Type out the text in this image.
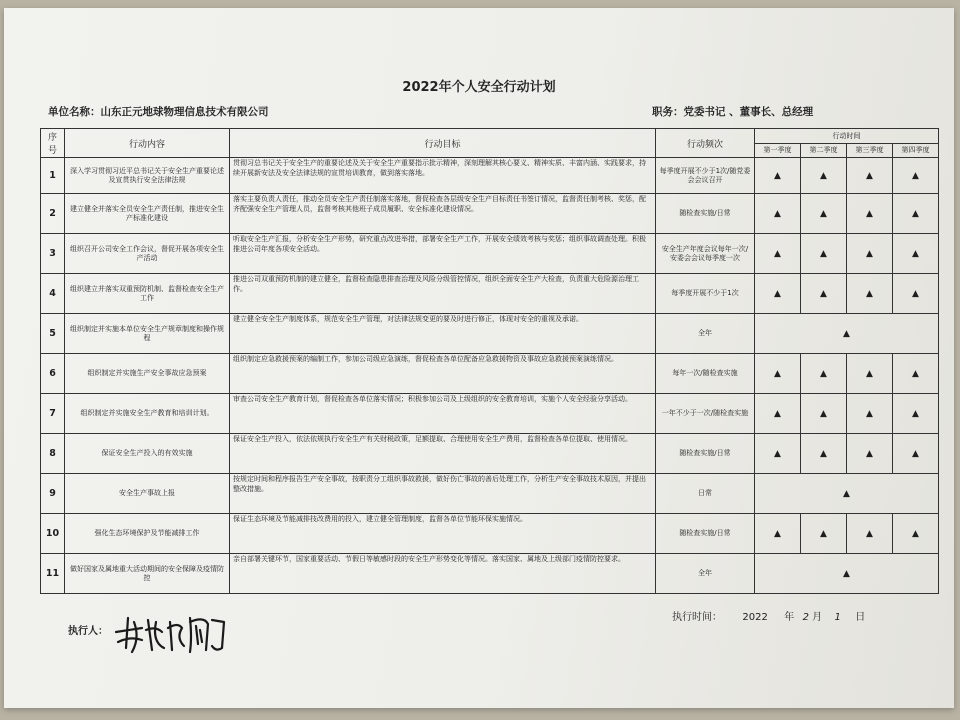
2022年个人安全行动计划
单位名称：山东正元地球物理信息技术有限公司	职务：党委书记 、董事长、总经理
序号	行动内容	行动目标	行动频次	行动时间			
				第一季度	第二季度	第三季度	第四季度
1	深入学习贯彻习近平总书记关于安全生产重要论述及宣贯执行安全法律法规	贯彻习总书记关于安全生产的重要论述及关于安全生产重要指示批示精神，深刻理解其核心要义、精神实质、丰富内涵、实践要求，持续开展新安法及安全法律法规的宣贯培训教育，做到落实落地。	每季度开展不少于1次/随党委会会议召开	▲	▲	▲	▲
2	建立健全并落实全员安全生产责任制，推进安全生产标准化建设	落实主要负责人责任，推动全员安全生产责任制落实落地，督促检查各层级安全生产目标责任书签订情况，监督责任制考核、奖惩，配齐配强安全生产管理人员，监督考核其他班子成员履职、安全标准化建设情况。	随检查实施/日常	▲	▲	▲	▲
3	组织召开公司安全工作会议，督促开展各项安全生产活动	听取安全生产汇报，分析安全生产形势，研究重点改进举措，部署安全生产工作，开展安全绩效考核与奖惩；组织事故调查处理。积极推进公司年度各项安全活动。	安全生产年度会议每年一次/安委会会议每季度一次	▲	▲	▲	▲
4	组织建立并落实双重预防机制、监督检查安全生产工作	推进公司双重预防机制的建立健全，监督检查隐患排查治理及风险分级管控情况，组织全面安全生产大检查，负责重大危险源治理工作。	每季度开展不少于1次	▲	▲	▲	▲
5	组织制定并实施本单位安全生产规章制度和操作规程	建立健全安全生产制度体系，规范安全生产管理，对法律法规变更的要及时进行修正，体现对安全的重视及承诺。	全年	▲			
6	组织制定并实施生产安全事故应急预案	组织制定应急救援预案的编制工作，参加公司级应急演练，督促检查各单位配备应急救援物资及事故应急救援预案演练情况。	每年一次/随检查实施	▲	▲	▲	▲
7	组织制定并实施安全生产教育和培训计划。	审查公司安全生产教育计划，督促检查各单位落实情况；积极参加公司及上级组织的安全教育培训，实施个人安全经验分享活动。	一年不少于一次/随检查实施	▲	▲	▲	▲
8	保证安全生产投入的有效实施	保证安全生产投入，依法依规执行安全生产有关财税政策，足额提取、合理使用安全生产费用，监督检查各单位提取、使用情况。	随检查实施/日常	▲	▲	▲	▲
9	安全生产事故上报	按规定时间和程序报告生产安全事故，按职责分工组织事故救援，做好伤亡事故的善后处理工作，分析生产安全事故技术原因，并提出整改措施。	日常	▲			
10	强化生态环境保护及节能减排工作	保证生态环境及节能减排技改费用的投入，建立健全管理制度，监督各单位节能环保实施情况。	随检查实施/日常	▲	▲	▲	▲
11	做好国家及属地重大活动期间的安全保障及疫情防控	亲自部署关键环节，国家重要活动、节假日等敏感时段的安全生产形势变化等情况。落实国家、属地及上级部门疫情防控要求。	全年	▲			
执行人：
执行时间： 2022 年 2 月 1 日
